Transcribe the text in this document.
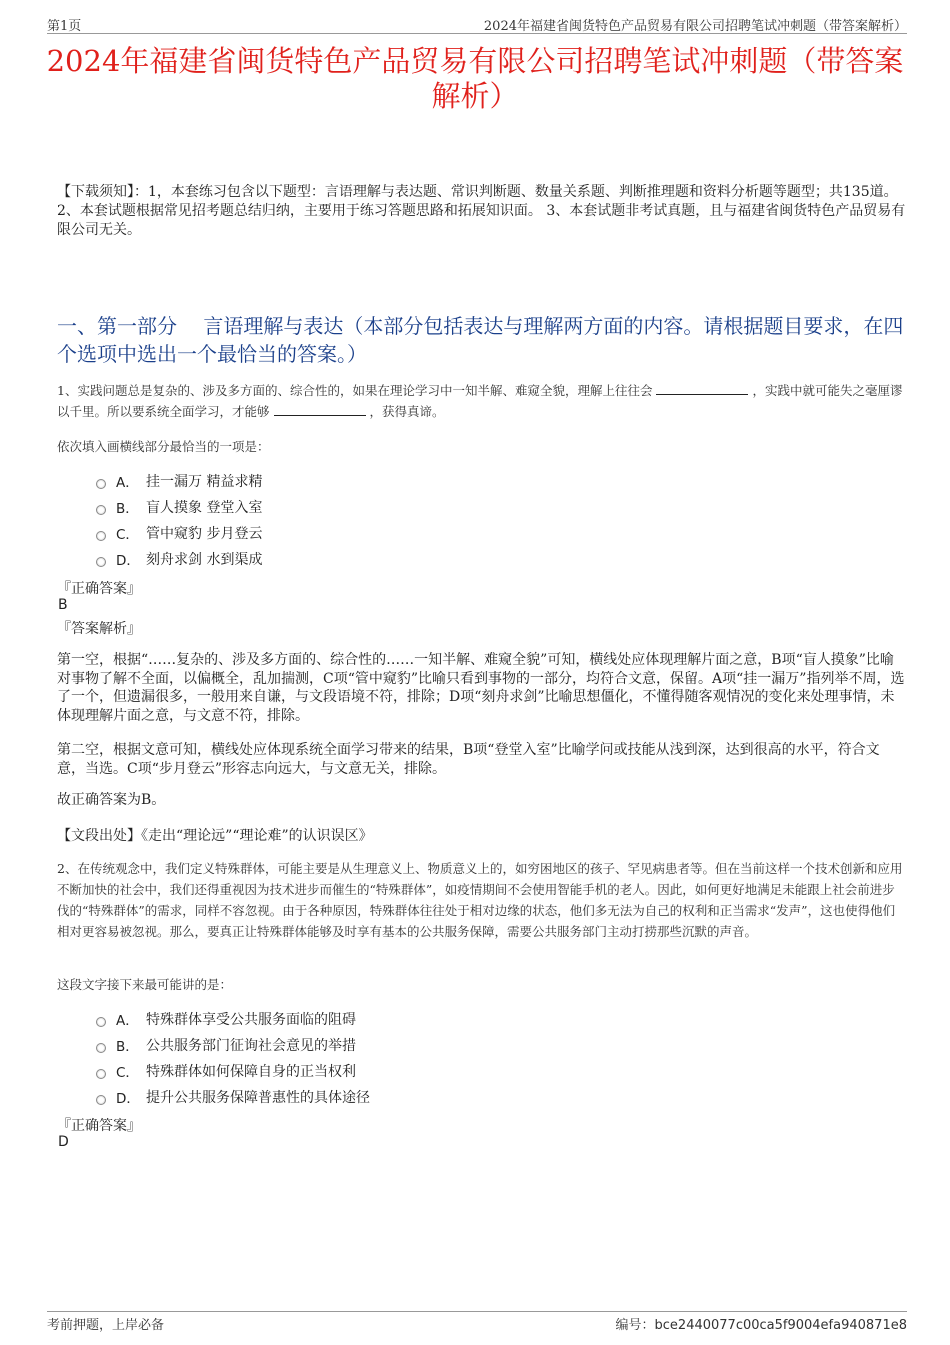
第1页	2024年福建省闽货特色产品贸易有限公司招聘笔试冲刺题（带答案解析）
2024年福建省闽货特色产品贸易有限公司招聘笔试冲刺题（带答案解析）

【下载须知】：1，本套练习包含以下题型：言语理解与表达题、常识判断题、数量关系题、判断推理题和资料分析题等题型；共135道。 2、本套试题根据常见招考题总结归纳，主要用于练习答题思路和拓展知识面。 3、本套试题非考试真题，且与福建省闽货特色产品贸易有限公司无关。

一、第一部分　 言语理解与表达（本部分包括表达与理解两方面的内容。请根据题目要求，在四个选项中选出一个最恰当的答案。）

1、实践问题总是复杂的、涉及多方面的、综合性的，如果在理论学习中一知半解、难窥全貌，理解上往往会	，实践中就可能失之毫厘谬以千里。所以要系统全面学习，才能够	，获得真谛。

依次填入画横线部分最恰当的一项是：
A． 挂一漏万 精益求精
B． 盲人摸象 登堂入室
C． 管中窥豹 步月登云
D． 刻舟求剑 水到渠成
『正确答案』
B
『答案解析』

第一空，根据“……复杂的、涉及多方面的、综合性的……一知半解、难窥全貌”可知，横线处应体现理解片面之意，B项“盲人摸象”比喻对事物了解不全面，以偏概全，乱加揣测，C项“管中窥豹”比喻只看到事物的一部分，均符合文意，保留。A项“挂一漏万”指列举不周，选了一个，但遗漏很多，一般用来自谦，与文段语境不符，排除；D项“刻舟求剑”比喻思想僵化，不懂得随客观情况的变化来处理事情，未体现理解片面之意，与文意不符，排除。

第二空，根据文意可知，横线处应体现系统全面学习带来的结果，B项“登堂入室”比喻学问或技能从浅到深，达到很高的水平，符合文意，当选。C项“步月登云”形容志向远大，与文意无关，排除。

故正确答案为B。

【文段出处】《走出“理论远”“理论难”的认识误区》

2、在传统观念中，我们定义特殊群体，可能主要是从生理意义上、物质意义上的，如穷困地区的孩子、罕见病患者等。但在当前这样一个技术创新和应用不断加快的社会中，我们还得重视因为技术进步而催生的“特殊群体”，如疫情期间不会使用智能手机的老人。因此，如何更好地满足未能跟上社会前进步伐的“特殊群体”的需求，同样不容忽视。由于各种原因，特殊群体往往处于相对边缘的状态，他们多无法为自己的权利和正当需求“发声”，这也使得他们相对更容易被忽视。那么，要真正让特殊群体能够及时享有基本的公共服务保障，需要公共服务部门主动打捞那些沉默的声音。

这段文字接下来最可能讲的是：
A． 特殊群体享受公共服务面临的阻碍
B． 公共服务部门征询社会意见的举措
C． 特殊群体如何保障自身的正当权利
D． 提升公共服务保障普惠性的具体途径
『正确答案』
D
考前押题，上岸必备	编号：bce2440077c00ca5f9004efa940871e8
